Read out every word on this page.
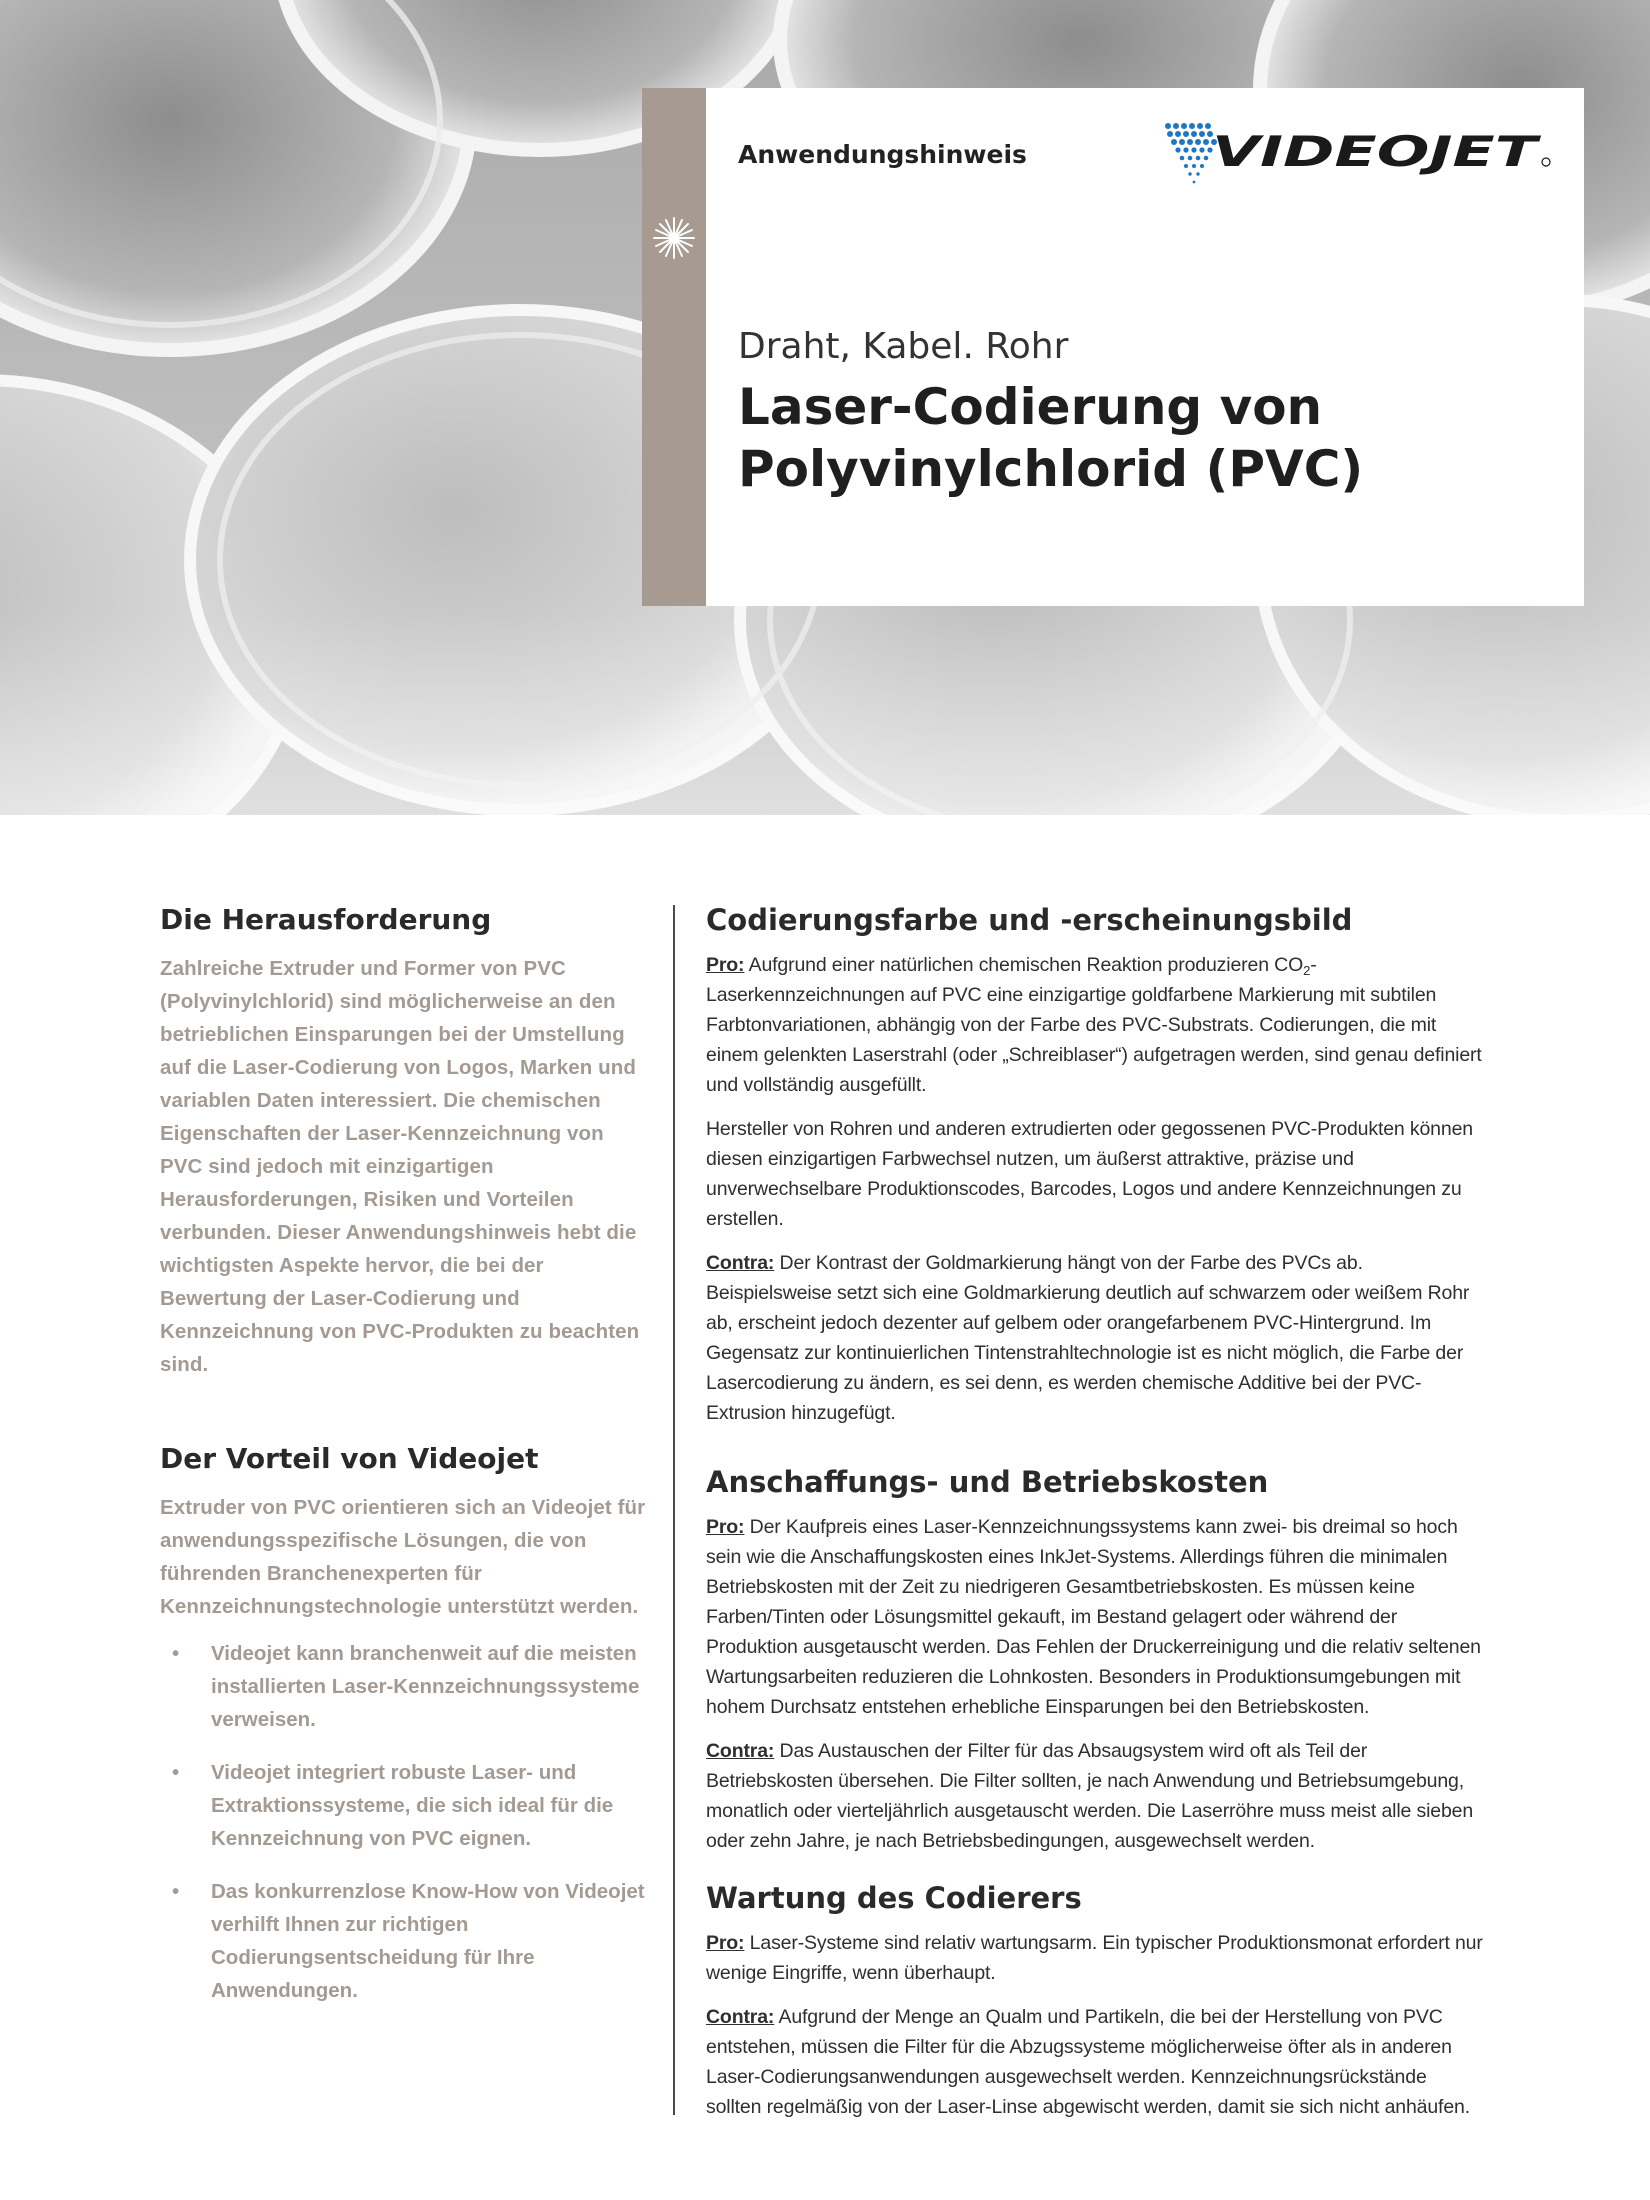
Anwendungshinweis	VIDEOJET
Draht, Kabel. Rohr
Laser-Codierung von Polyvinylchlorid (PVC)
Die Herausforderung

Zahlreiche Extruder und Former von PVC (Polyvinylchlorid) sind möglicherweise an den betrieblichen Einsparungen bei der Umstellung auf die Laser-Codierung von Logos, Marken und variablen Daten interessiert. Die chemischen Eigenschaften der Laser-Kennzeichnung von PVC sind jedoch mit einzigartigen Herausforderungen, Risiken und Vorteilen verbunden. Dieser Anwendungshinweis hebt die wichtigsten Aspekte hervor, die bei der Bewertung der Laser-Codierung und Kennzeichnung von PVC-Produkten zu beachten sind.

Der Vorteil von Videojet

Extruder von PVC orientieren sich an Videojet für anwendungsspezifische Lösungen, die von führenden Branchenexperten für Kennzeichnungstechnologie unterstützt werden.

• Videojet kann branchenweit auf die meisten installierten Laser-Kennzeichnungssysteme verweisen.
• Videojet integriert robuste Laser- und Extraktionssysteme, die sich ideal für die Kennzeichnung von PVC eignen.
• Das konkurrenzlose Know-How von Videojet verhilft Ihnen zur richtigen Codierungsentscheidung für Ihre Anwendungen.
Codierungsfarbe und -erscheinungsbild

Pro: Aufgrund einer natürlichen chemischen Reaktion produzieren $CO_2$-Laserkennzeichnungen auf PVC eine einzigartige goldfarbene Markierung mit subtilen Farbtonvariationen, abhängig von der Farbe des PVC-Substrats. Codierungen, die mit einem gelenkten Laserstrahl (oder „Schreiblaser“) aufgetragen werden, sind genau definiert und vollständig ausgefüllt.

Hersteller von Rohren und anderen extrudierten oder gegossenen PVC-Produkten können diesen einzigartigen Farbwechsel nutzen, um äußerst attraktive, präzise und unverwechselbare Produktionscodes, Barcodes, Logos und andere Kennzeichnungen zu erstellen.

Contra: Der Kontrast der Goldmarkierung hängt von der Farbe des PVCs ab. Beispielsweise setzt sich eine Goldmarkierung deutlich auf schwarzem oder weißem Rohr ab, erscheint jedoch dezenter auf gelbem oder orangefarbenem PVC-Hintergrund. Im Gegensatz zur kontinuierlichen Tintenstrahltechnologie ist es nicht möglich, die Farbe der Lasercodierung zu ändern, es sei denn, es werden chemische Additive bei der PVC-Extrusion hinzugefügt.

Anschaffungs- und Betriebskosten

Pro: Der Kaufpreis eines Laser-Kennzeichnungssystems kann zwei- bis dreimal so hoch sein wie die Anschaffungskosten eines InkJet-Systems. Allerdings führen die minimalen Betriebskosten mit der Zeit zu niedrigeren Gesamtbetriebskosten. Es müssen keine Farben/Tinten oder Lösungsmittel gekauft, im Bestand gelagert oder während der Produktion ausgetauscht werden. Das Fehlen der Druckerreinigung und die relativ seltenen Wartungsarbeiten reduzieren die Lohnkosten. Besonders in Produktionsumgebungen mit hohem Durchsatz entstehen erhebliche Einsparungen bei den Betriebskosten.

Contra: Das Austauschen der Filter für das Absaugsystem wird oft als Teil der Betriebskosten übersehen. Die Filter sollten, je nach Anwendung und Betriebsumgebung, monatlich oder vierteljährlich ausgetauscht werden. Die Laserröhre muss meist alle sieben oder zehn Jahre, je nach Betriebsbedingungen, ausgewechselt werden.

Wartung des Codierers

Pro: Laser-Systeme sind relativ wartungsarm. Ein typischer Produktionsmonat erfordert nur wenige Eingriffe, wenn überhaupt.

Contra: Aufgrund der Menge an Qualm und Partikeln, die bei der Herstellung von PVC entstehen, müssen die Filter für die Abzugssysteme möglicherweise öfter als in anderen Laser-Codierungsanwendungen ausgewechselt werden. Kennzeichnungsrückstände sollten regelmäßig von der Laser-Linse abgewischt werden, damit sie sich nicht anhäufen.
